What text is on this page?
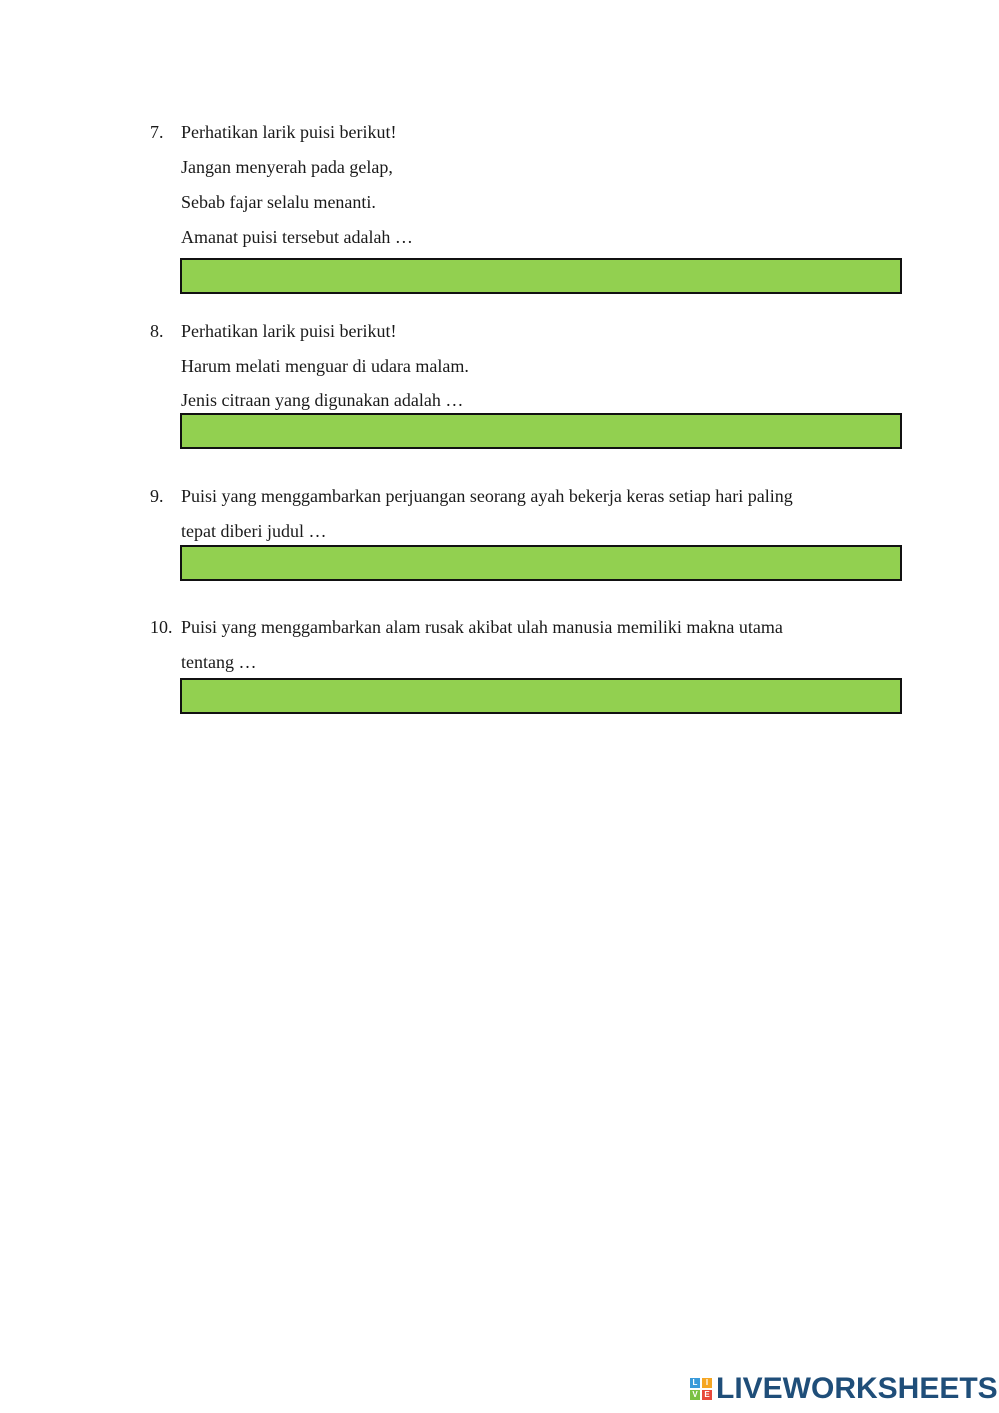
7. Perhatikan larik puisi berikut!
Jangan menyerah pada gelap,
Sebab fajar selalu menanti.
Amanat puisi tersebut adalah …
8. Perhatikan larik puisi berikut!
Harum melati menguar di udara malam.
Jenis citraan yang digunakan adalah …
9. Puisi yang menggambarkan perjuangan seorang ayah bekerja keras setiap hari paling
tepat diberi judul …
10. Puisi yang menggambarkan alam rusak akibat ulah manusia memiliki makna utama
tentang …
L	I
V E LIVEWORKSHEETS
